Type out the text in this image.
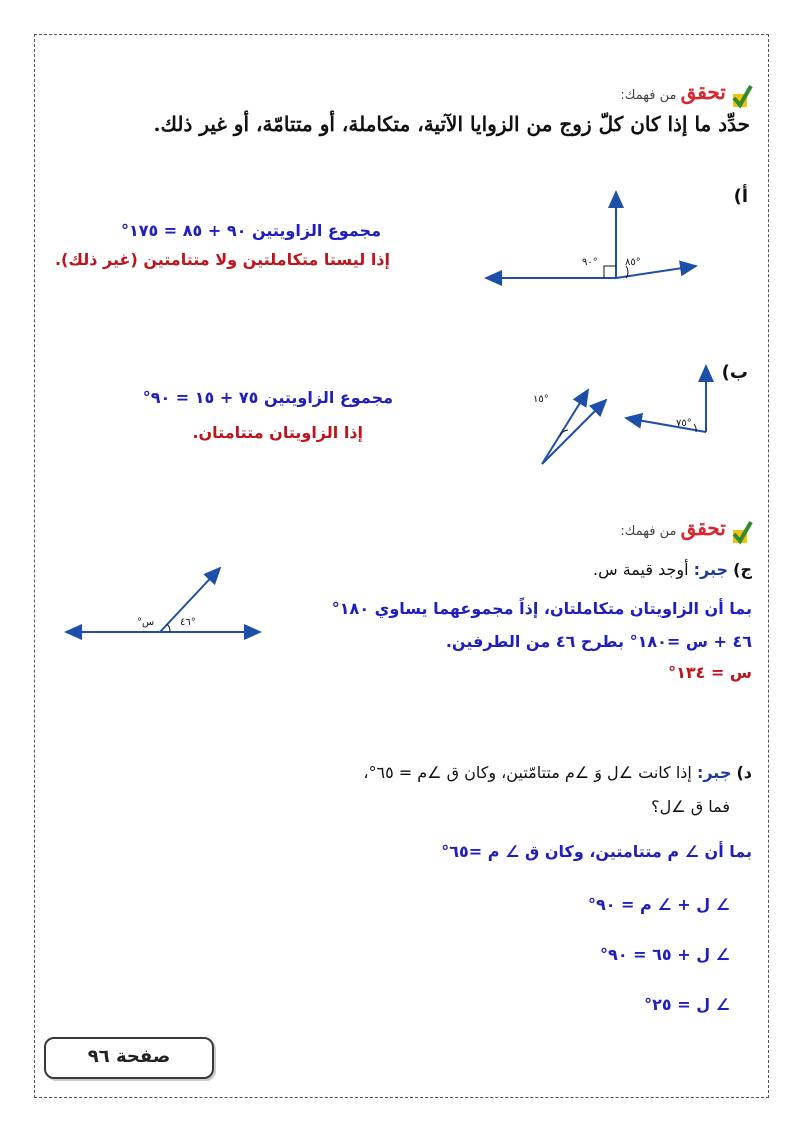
تحقق من فهمك:
حدِّد ما إذا كان كلّ زوج من الزوايا الآتية، متكاملة، أو متتامّة، أو غير ذلك.
أ)
°٩٠	°٨٥
مجموع الزاويتين ٩٠ + ٨٥ = ١٧٥°
إذا ليستا متكاملتين ولا متتامتين (غير ذلك).
ب)
°١٥
°٧٥
مجموع الزاويتين ٧٥ + ١٥ = ٩٠°
إذا الزاويتان متتامتان.
تحقق من فهمك:
ج) جبر: أوجد قيمة س.
س°	°٤٦
بما أن الزاويتان متكاملتان، إذاً مجموعهما يساوي ١٨٠°
٤٦ + س =١٨٠° بطرح ٤٦ من الطرفين.
س = ١٣٤°
د) جبر: إذا كانت ∠ل وَ ∠م متتامّتين، وكان ق ∠م = ٦٥°،
فما ق ∠ل؟
بما أن ∠ م متتامتين، وكان ق ∠ م =٦٥°
∠ ل + ∠ م = ٩٠°
∠ ل + ٦٥ = ٩٠°
∠ ل = ٢٥°
صفحة ٩٦
